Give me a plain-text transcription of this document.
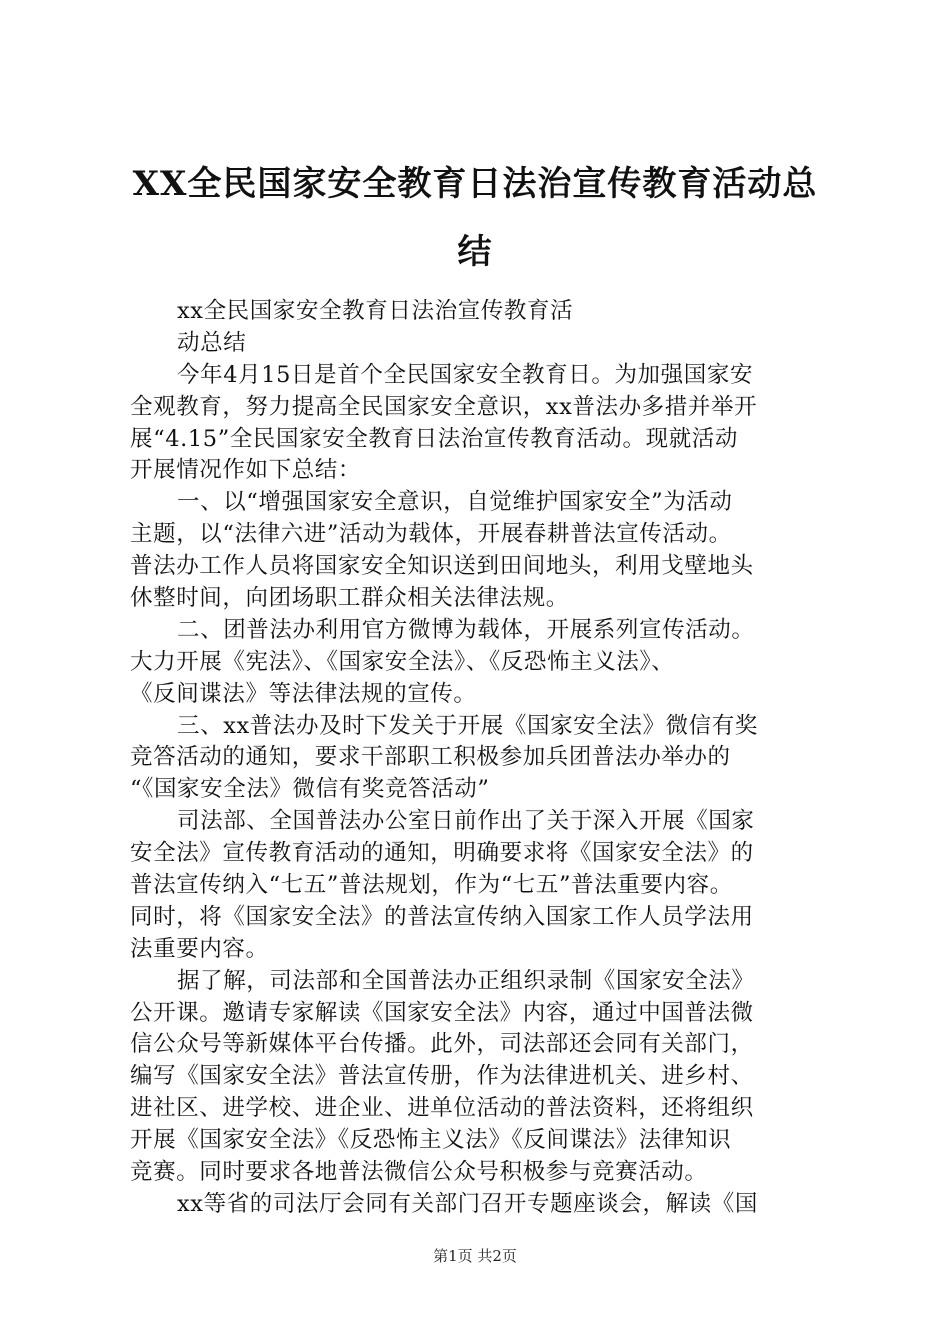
XX全民国家安全教育日法治宣传教育活动总
结
xx全民国家安全教育日法治宣传教育活
动总结
今年4月15日是首个全民国家安全教育日。为加强国家安
全观教育，努力提高全民国家安全意识，xx普法办多措并举开
展“4.15”全民国家安全教育日法治宣传教育活动。现就活动
开展情况作如下总结：
一、以“增强国家安全意识，自觉维护国家安全”为活动
主题，以“法律六进”活动为载体，开展春耕普法宣传活动。
普法办工作人员将国家安全知识送到田间地头，利用戈壁地头
休整时间，向团场职工群众相关法律法规。
二、团普法办利用官方微博为载体，开展系列宣传活动。
大力开展《宪法》、《国家安全法》、《反恐怖主义法》、
《反间谍法》等法律法规的宣传。
三、xx普法办及时下发关于开展《国家安全法》微信有奖
竞答活动的通知，要求干部职工积极参加兵团普法办举办的
“《国家安全法》微信有奖竞答活动”
司法部、全国普法办公室日前作出了关于深入开展《国家
安全法》宣传教育活动的通知，明确要求将《国家安全法》的
普法宣传纳入“七五”普法规划，作为“七五”普法重要内容。
同时，将《国家安全法》的普法宣传纳入国家工作人员学法用
法重要内容。
据了解，司法部和全国普法办正组织录制《国家安全法》
公开课。邀请专家解读《国家安全法》内容，通过中国普法微
信公众号等新媒体平台传播。此外，司法部还会同有关部门，
编写《国家安全法》普法宣传册，作为法律进机关、进乡村、
进社区、进学校、进企业、进单位活动的普法资料，还将组织
开展《国家安全法》《反恐怖主义法》《反间谍法》法律知识
竞赛。同时要求各地普法微信公众号积极参与竞赛活动。
xx等省的司法厅会同有关部门召开专题座谈会，解读《国
第1页 共2页
